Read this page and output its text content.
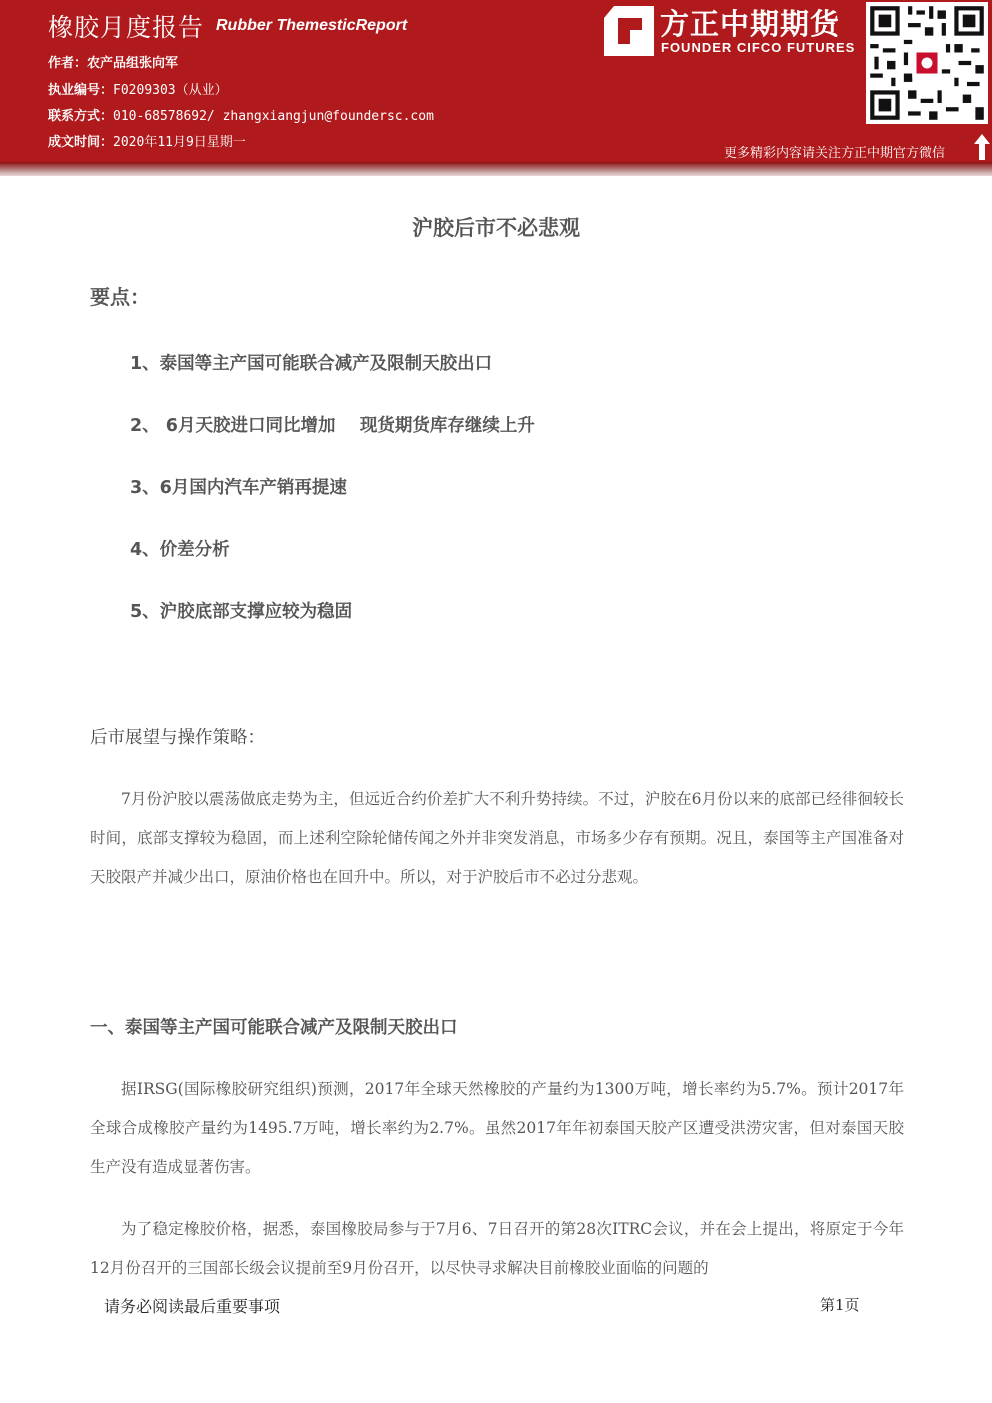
橡胶月度报告 Rubber ThemesticReport
作者：农产品组张向军
执业编号：F0209303（从业）
联系方式：010-68578692/ zhangxiangjun@foundersc.com
成文时间：2020年11月9日星期一
方正中期期货
FOUNDER CIFCO FUTURES
更多精彩内容请关注方正中期官方微信
沪胶后市不必悲观
要点：
1、泰国等主产国可能联合减产及限制天胶出口
2、 6月天胶进口同比增加    现货期货库存继续上升
3、6月国内汽车产销再提速
4、价差分析
5、沪胶底部支撑应较为稳固
后市展望与操作策略：
7月份沪胶以震荡做底走势为主，但远近合约价差扩大不利升势持续。不过，沪胶在6月份以来的底部已经徘徊较长时间，底部支撑较为稳固，而上述利空除轮储传闻之外并非突发消息，市场多少存有预期。况且，泰国等主产国准备对天胶限产并减少出口，原油价格也在回升中。所以，对于沪胶后市不必过分悲观。
一、泰国等主产国可能联合减产及限制天胶出口
据IRSG(国际橡胶研究组织)预测，2017年全球天然橡胶的产量约为1300万吨，增长率约为5.7%。预计2017年全球合成橡胶产量约为1495.7万吨，增长率约为2.7%。虽然2017年年初泰国天胶产区遭受洪涝灾害，但对泰国天胶生产没有造成显著伤害。
为了稳定橡胶价格，据悉，泰国橡胶局参与于7月6、7日召开的第28次ITRC会议，并在会上提出，将原定于今年12月份召开的三国部长级会议提前至9月份召开，以尽快寻求解决目前橡胶业面临的问题的
请务必阅读最后重要事项	第1页
